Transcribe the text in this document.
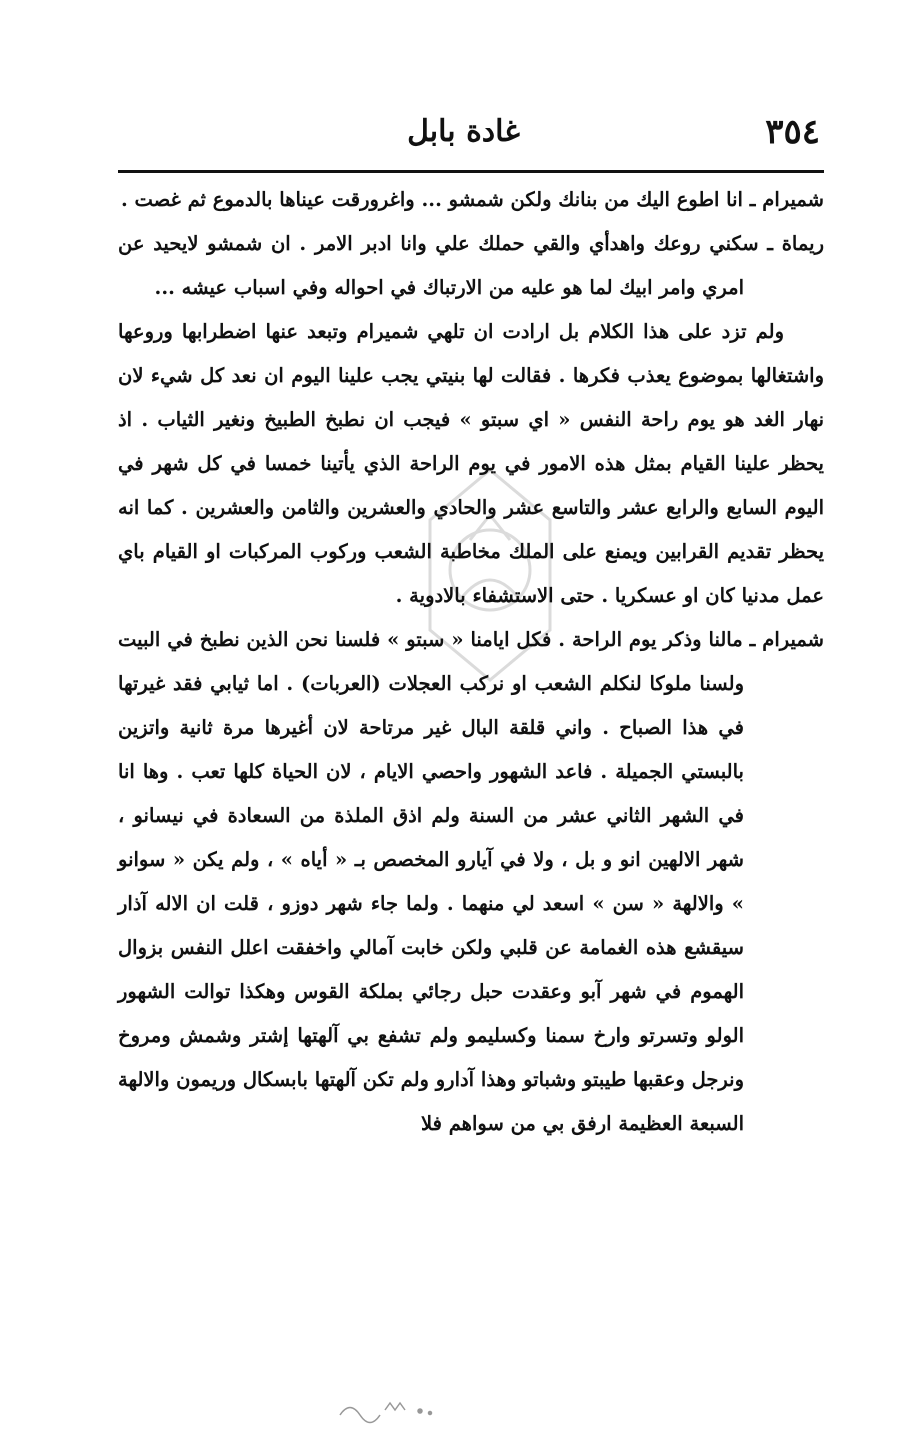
٣٥٤
غادة بابل

شميرام ـ انا اطوع اليك من بنانك ولكن شمشو ... واغرورقت عيناها بالدموع ثم غصت .

ريماة ـ سكني روعك واهدأي والقي حملك علي وانا ادبر الامر . ان شمشو لايحيد عن امري وامر ابيك لما هو عليه من الارتباك في احواله وفي اسباب عيشه ...

ولم تزد على هذا الكلام بل ارادت ان تلهي شميرام وتبعد عنها اضطرابها وروعها واشتغالها بموضوع يعذب فكرها . فقالت لها بنيتي يجب علينا اليوم ان نعد كل شيء لان نهار الغد هو يوم راحة النفس « اي سبتو » فيجب ان نطبخ الطبيخ ونغير الثياب . اذ يحظر علينا القيام بمثل هذه الامور في يوم الراحة الذي يأتينا خمسا في كل شهر في اليوم السابع والرابع عشر والتاسع عشر والحادي والعشرين والثامن والعشرين . كما انه يحظر تقديم القرابين ويمنع على الملك مخاطبة الشعب وركوب المركبات او القيام باي عمل مدنيا كان او عسكريا . حتى الاستشفاء بالادوية .

شميرام ـ مالنا وذكر يوم الراحة . فكل ايامنا « سبتو » فلسنا نحن الذين نطبخ في البيت ولسنا ملوكا لنكلم الشعب او نركب العجلات (العربات) . اما ثيابي فقد غيرتها في هذا الصباح . واني قلقة البال غير مرتاحة لان أغيرها مرة ثانية واتزين بالبستي الجميلة . فاعد الشهور واحصي الايام ، لان الحياة كلها تعب . وها انا في الشهر الثاني عشر من السنة ولم اذق الملذة من السعادة في نيسانو ، شهر الالهين انو و بل ، ولا في آيارو المخصص بـ « أياه » ، ولم يكن « سوانو » والالهة « سن » اسعد لي منهما . ولما جاء شهر دوزو ، قلت ان الاله آذار سيقشع هذه الغمامة عن قلبي ولكن خابت آمالي واخفقت اعلل النفس بزوال الهموم في شهر آبو وعقدت حبل رجائي بملكة القوس وهكذا توالت الشهور الولو وتسرتو وارخ سمنا وكسليمو ولم تشفع بي آلهتها إشتر وشمش ومروخ ونرجل وعقبها طيبتو وشباتو وهذا آدارو ولم تكن آلهتها بابسكال وريمون والالهة السبعة العظيمة ارفق بي من سواهم فلا
